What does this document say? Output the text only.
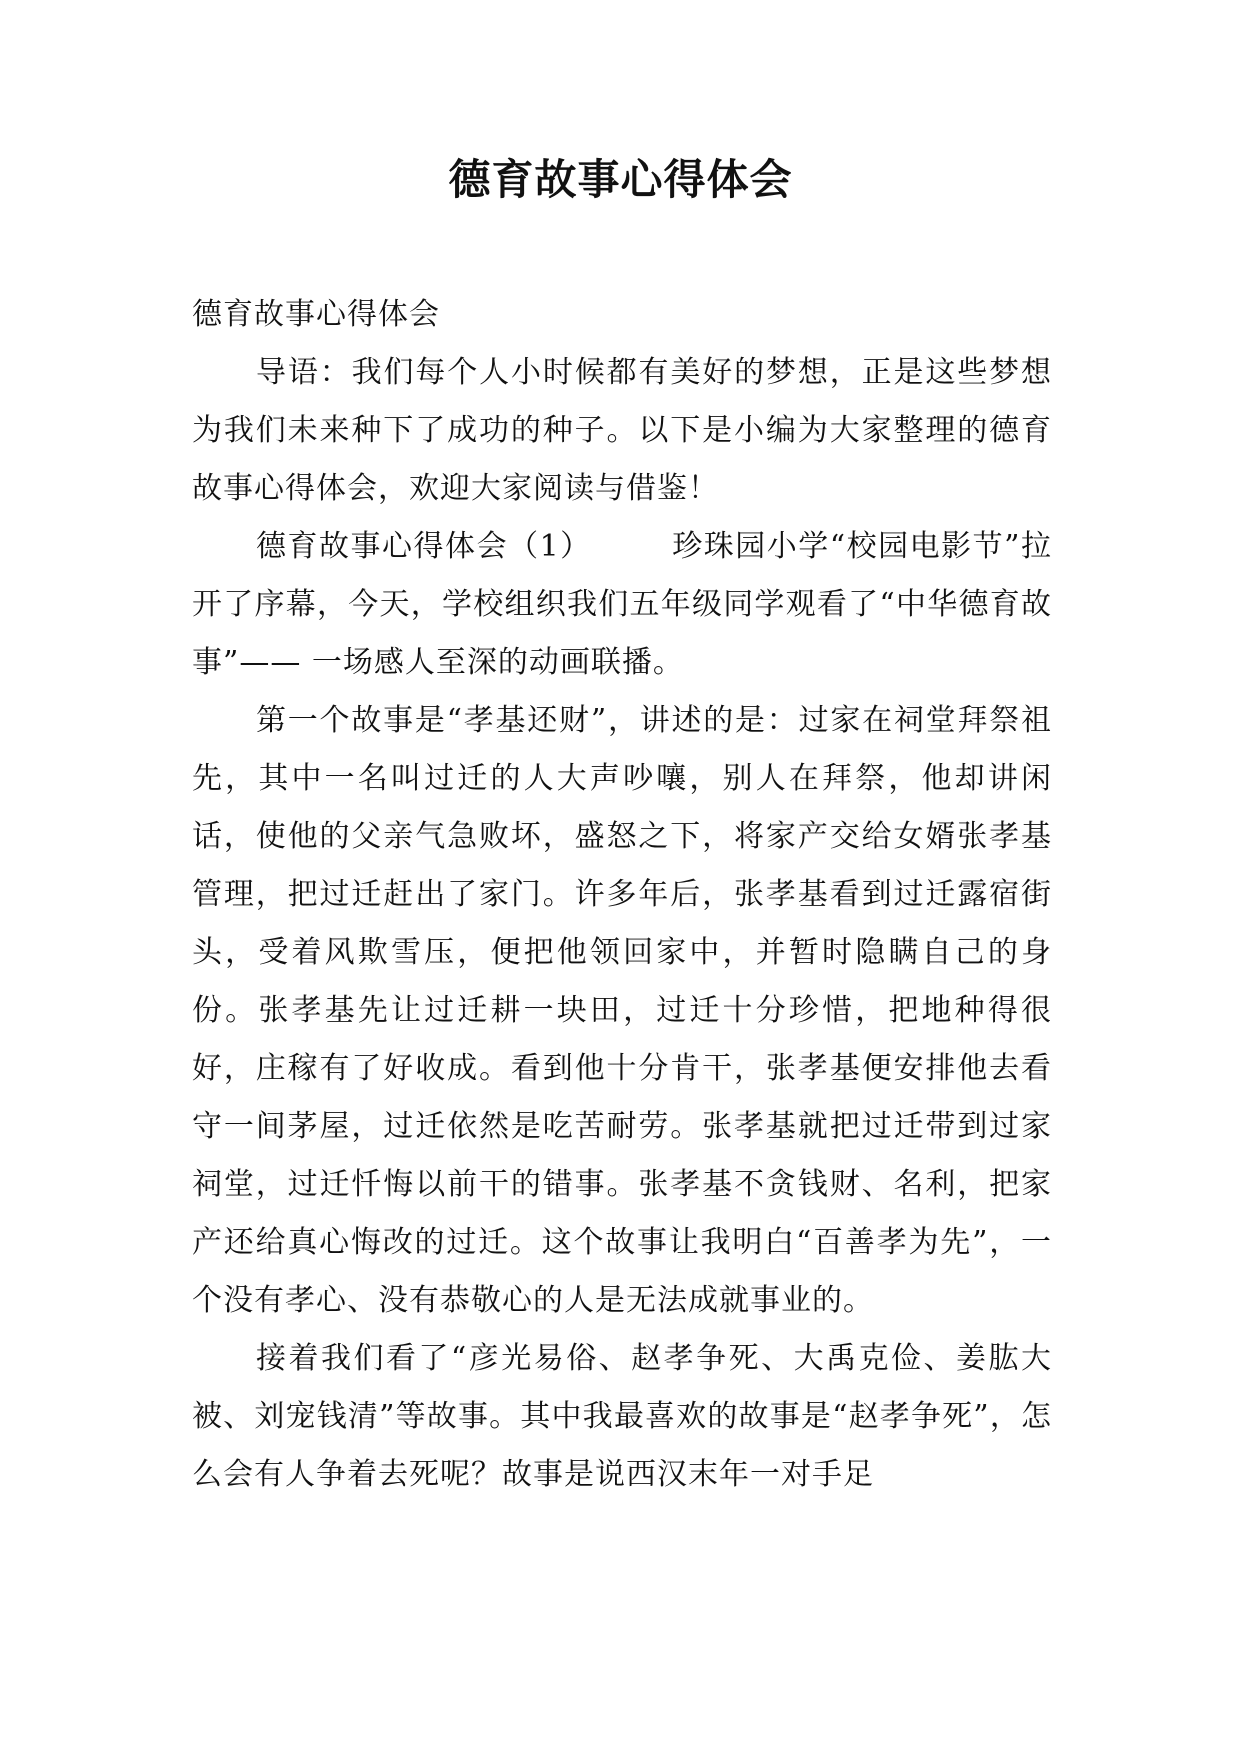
德育故事心得体会

德育故事心得体会

导语：我们每个人小时候都有美好的梦想，正是这些梦想为我们未来种下了成功的种子。以下是小编为大家整理的德育故事心得体会，欢迎大家阅读与借鉴！

德育故事心得体会（1）	珍珠园小学“校园电影节”拉开了序幕，今天，学校组织我们五年级同学观看了“中华德育故事”—— 一场感人至深的动画联播。

第一个故事是“孝基还财”，讲述的是：过家在祠堂拜祭祖先，其中一名叫过迁的人大声吵嚷，别人在拜祭，他却讲闲话，使他的父亲气急败坏，盛怒之下，将家产交给女婿张孝基管理，把过迁赶出了家门。许多年后，张孝基看到过迁露宿街头，受着风欺雪压，便把他领回家中，并暂时隐瞒自己的身份。张孝基先让过迁耕一块田，过迁十分珍惜，把地种得很好，庄稼有了好收成。看到他十分肯干，张孝基便安排他去看守一间茅屋，过迁依然是吃苦耐劳。张孝基就把过迁带到过家祠堂，过迁忏悔以前干的错事。张孝基不贪钱财、名利，把家产还给真心悔改的过迁。这个故事让我明白“百善孝为先”，一个没有孝心、没有恭敬心的人是无法成就事业的。

接着我们看了“彦光易俗、赵孝争死、大禹克俭、姜肱大被、刘宠钱清”等故事。其中我最喜欢的故事是“赵孝争死”，怎么会有人争着去死呢？故事是说西汉末年一对手足
